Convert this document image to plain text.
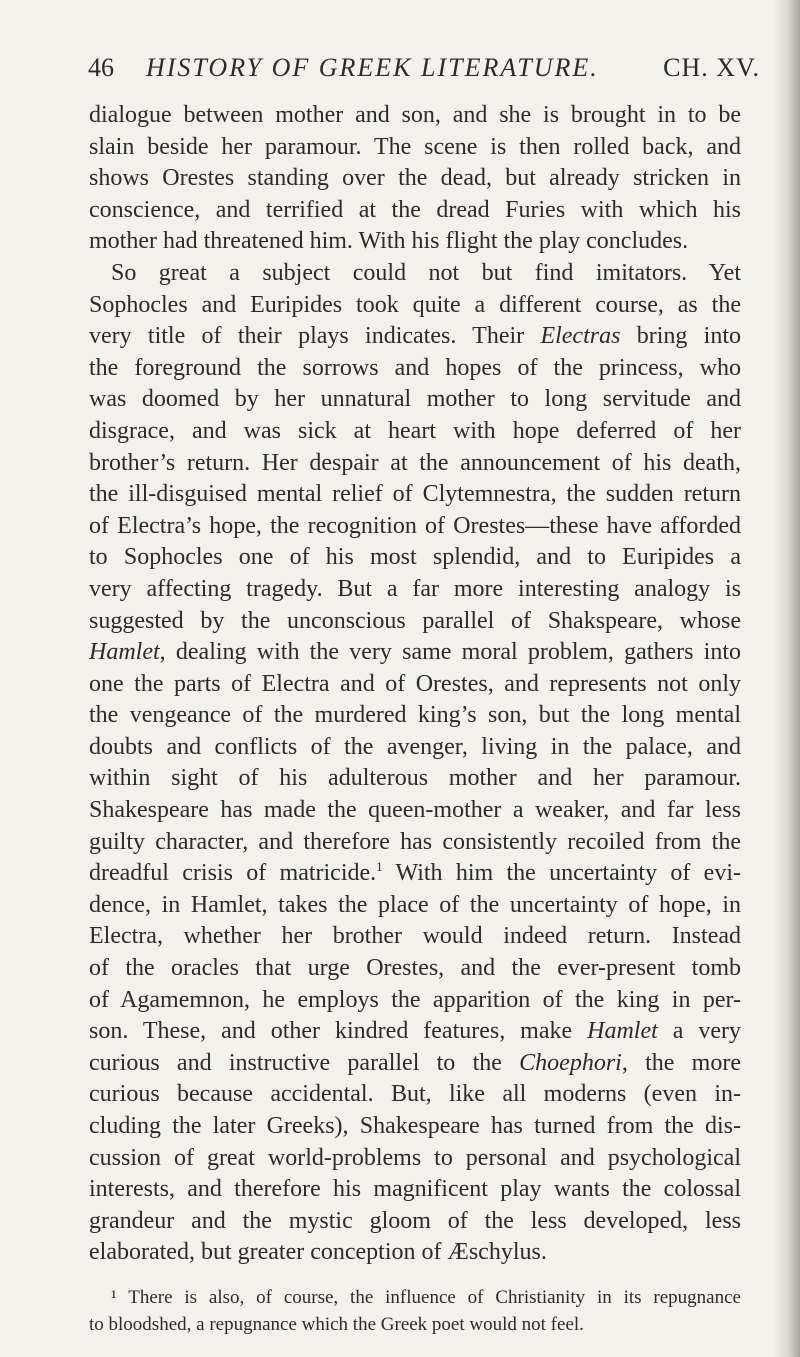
46 HISTORY OF GREEK LITERATURE. CH. XV.
dialogue between mother and son, and she is brought in to be
slain beside her paramour. The scene is then rolled back, and
shows Orestes standing over the dead, but already stricken in
conscience, and terrified at the dread Furies with which his
mother had threatened him. With his flight the play concludes.
So great a subject could not but find imitators. Yet
Sophocles and Euripides took quite a different course, as the
very title of their plays indicates. Their Electras bring into
the foreground the sorrows and hopes of the princess, who
was doomed by her unnatural mother to long servitude and
disgrace, and was sick at heart with hope deferred of her
brother’s return. Her despair at the announcement of his death,
the ill-disguised mental relief of Clytemnestra, the sudden return
of Electra’s hope, the recognition of Orestes—these have afforded
to Sophocles one of his most splendid, and to Euripides a
very affecting tragedy. But a far more interesting analogy is
suggested by the unconscious parallel of Shakspeare, whose
Hamlet, dealing with the very same moral problem, gathers into
one the parts of Electra and of Orestes, and represents not only
the vengeance of the murdered king’s son, but the long mental
doubts and conflicts of the avenger, living in the palace, and
within sight of his adulterous mother and her paramour.
Shakespeare has made the queen-mother a weaker, and far less
guilty character, and therefore has consistently recoiled from the
dreadful crisis of matricide.$^1$ With him the uncertainty of evi-
dence, in Hamlet, takes the place of the uncertainty of hope, in
Electra, whether her brother would indeed return. Instead
of the oracles that urge Orestes, and the ever-present tomb
of Agamemnon, he employs the apparition of the king in per-
son. These, and other kindred features, make Hamlet a very
curious and instructive parallel to the Choephori, the more
curious because accidental. But, like all moderns (even in-
cluding the later Greeks), Shakespeare has turned from the dis-
cussion of great world-problems to personal and psychological
interests, and therefore his magnificent play wants the colossal
grandeur and the mystic gloom of the less developed, less
elaborated, but greater conception of Æschylus.
¹ There is also, of course, the influence of Christianity in its repugnance
to bloodshed, a repugnance which the Greek poet would not feel.
